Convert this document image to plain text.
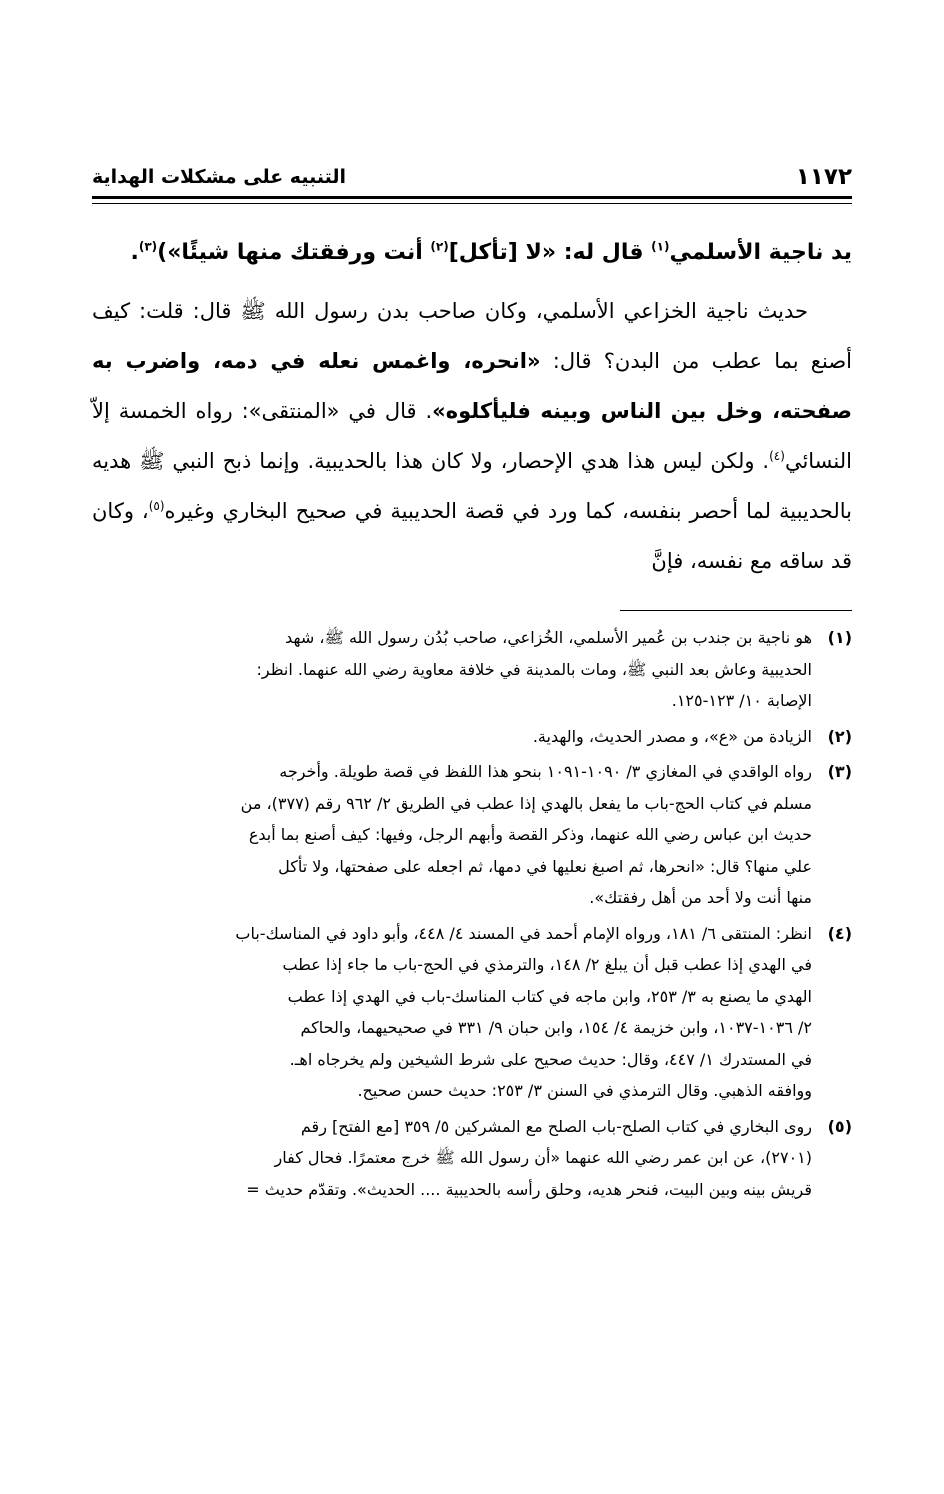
١١٧٢
التنبيه على مشكلات الهداية

يد ناجية الأسلمي$^{(١)}$ قال له: «لا [تأكل]$^{(٢)}$ أنت ورفقتك منها شيئًا»)$^{(٣)}$.

حديث ناجية الخزاعي الأسلمي، وكان صاحب بدن رسول الله ﷺ قال: قلت: كيف أصنع بما عطب من البدن؟ قال: «انحره، واغمس نعله في دمه، واضرب به صفحته، وخل بين الناس وبينه فليأكلوه». قال في «المنتقى»: رواه الخمسة إلاّ النسائي$^{(٤)}$. ولكن ليس هذا هدي الإحصار، ولا كان هذا بالحديبية. وإنما ذبح النبي ﷺ هديه بالحديبية لما أحصر بنفسه، كما ورد في قصة الحديبية في صحيح البخاري وغيره$^{(٥)}$، وكان قد ساقه مع نفسه، فإنَّ

(١)
هو ناجية بن جندب بن عُمير الأسلمي، الخُزاعي، صاحب بُدُن رسول الله ﷺ، شهد
الحديبية وعاش بعد النبي ﷺ، ومات بالمدينة في خلافة معاوية رضي الله عنهما. انظر:
الإصابة ١٠/ ١٢٣-١٢٥.
(٢)
الزيادة من «ع»، و مصدر الحديث، والهدية.
(٣)
رواه الواقدي في المغازي ٣/ ١٠٩٠-١٠٩١ بنحو هذا اللفظ في قصة طويلة. وأخرجه
مسلم في كتاب الحج-باب ما يفعل بالهدي إذا عطب في الطريق ٢/ ٩٦٢ رقم (٣٧٧)، من
حديث ابن عباس رضي الله عنهما، وذكر القصة وأبهم الرجل، وفيها: كيف أصنع بما أبدع
علي منها؟ قال: «انحرها، ثم اصبغ نعليها في دمها، ثم اجعله على صفحتها، ولا تأكل
منها أنت ولا أحد من أهل رفقتك».
(٤)
انظر: المنتقى ٦/ ١٨١، ورواه الإمام أحمد في المسند ٤/ ٤٤٨، وأبو داود في المناسك-باب
في الهدي إذا عطب قبل أن يبلغ ٢/ ١٤٨، والترمذي في الحج-باب ما جاء إذا عطب
الهدي ما يصنع به ٣/ ٢٥٣، وابن ماجه في كتاب المناسك-باب في الهدي إذا عطب
٢/ ١٠٣٦-١٠٣٧، وابن خزيمة ٤/ ١٥٤، وابن حبان ٩/ ٣٣١ في صحيحيهما، والحاكم
في المستدرك ١/ ٤٤٧، وقال: حديث صحيح على شرط الشيخين ولم يخرجاه اهـ.
ووافقه الذهبي. وقال الترمذي في السنن ٣/ ٢٥٣: حديث حسن صحيح.
(٥)
روى البخاري في كتاب الصلح-باب الصلح مع المشركين ٥/ ٣٥٩ [مع الفتح] رقم
(٢٧٠١)، عن ابن عمر رضي الله عنهما «أن رسول الله ﷺ خرج معتمرًا. فحال كفار
قريش بينه وبين البيت، فنحر هديه، وحلق رأسه بالحديبية .... الحديث». وتقدّم حديث =
